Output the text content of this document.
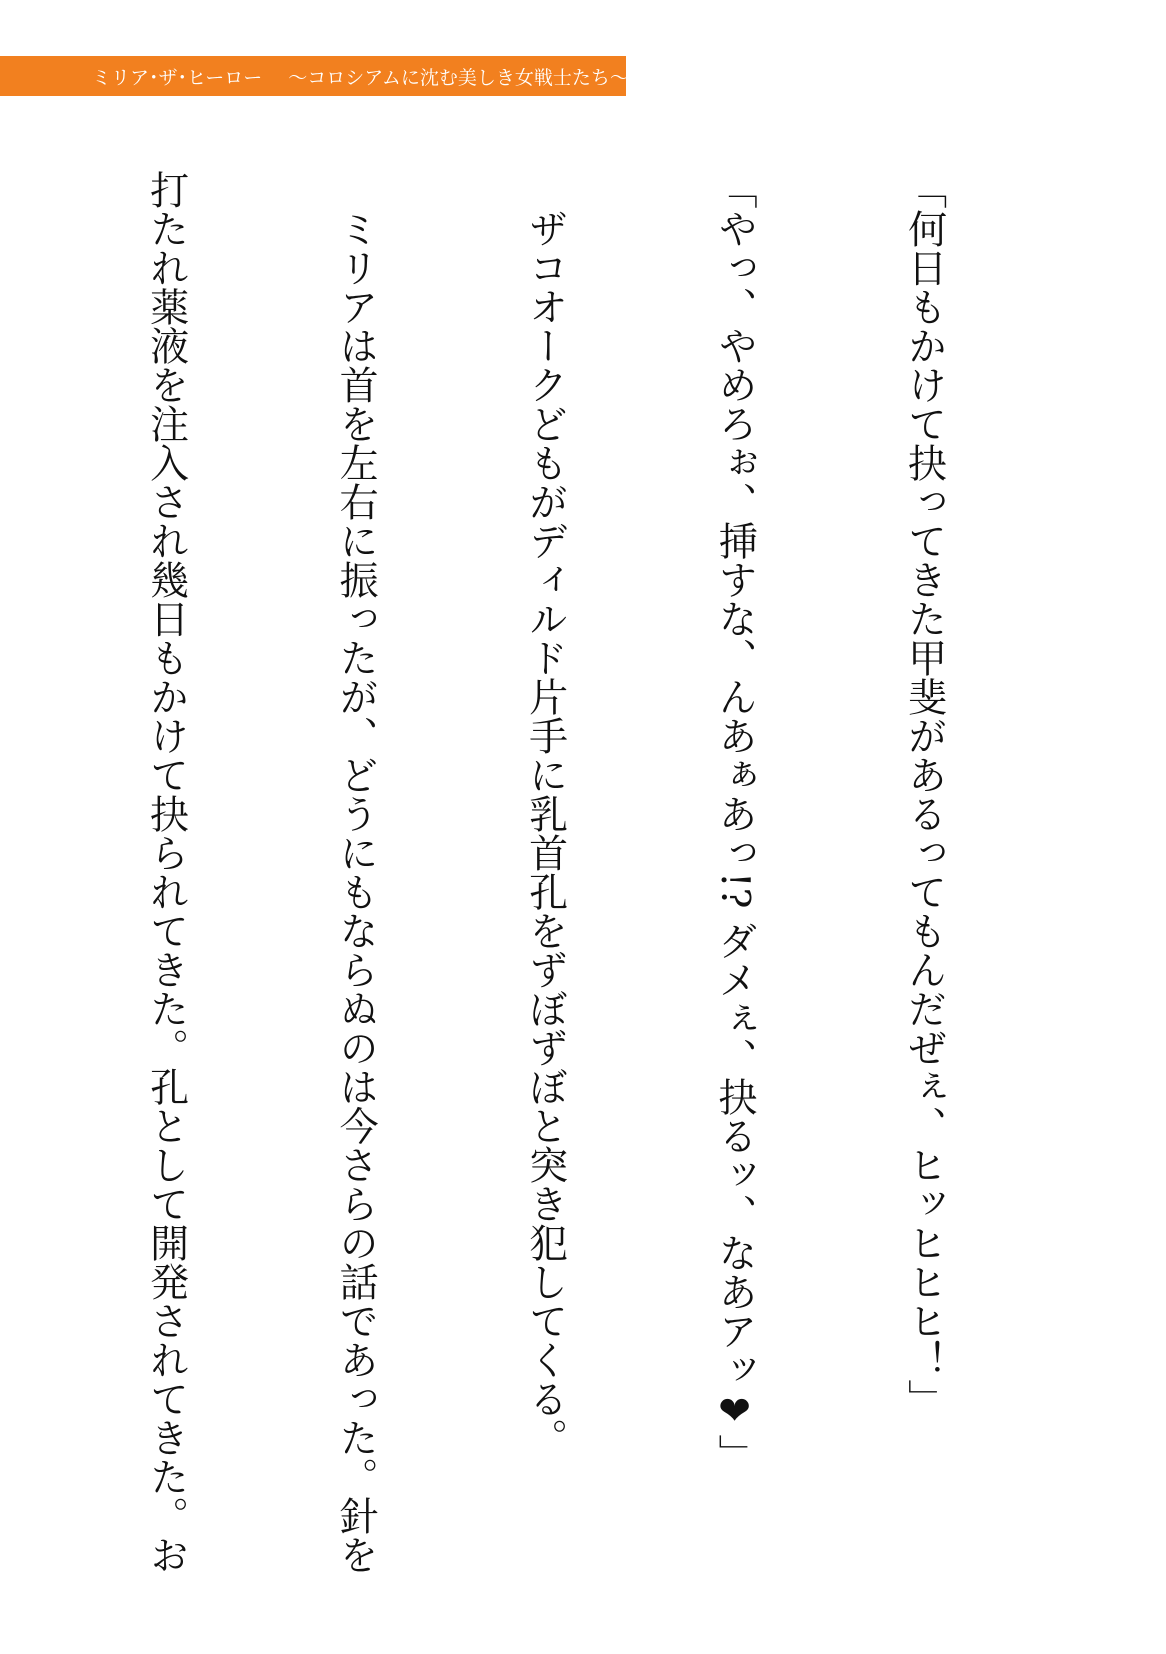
ミリア･ザ･ヒーロー ～コロシアムに沈む美しき女戦士たち～

「何日もかけて抉ってきた甲斐があるってもんだぜぇ、ヒッヒヒヒ！」

「やっ、やめろぉ、挿すな、んあぁあっ!? ダメぇ、抉るッ、なあアッ❤」

　ザコオークどもがディルド片手に乳首孔をずぼずぼと突き犯してくる。

　ミリアは首を左右に振ったが、どうにもならぬのは今さらの話であった。針を

打たれ薬液を注入され幾日もかけて抉られてきた。孔として開発されてきた。お
